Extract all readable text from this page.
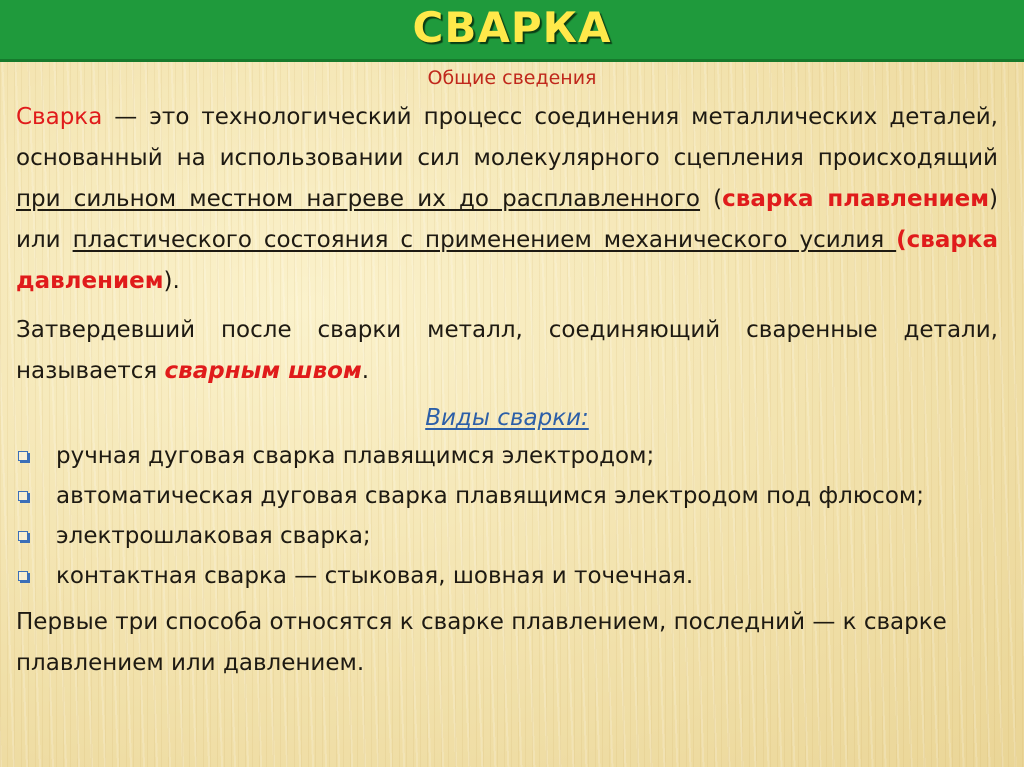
СВАРКА
Общие сведения

Сварка — это технологический процесс соединения металлических деталей, основанный на использовании сил молекулярного сцепления происходящий при сильном местном нагреве их до расплавленного (сварка плавлением) или пластического состояния с применением механического усилия (сварка давлением).

Затвердевший после сварки металл, соединяющий сваренные детали, называется сварным швом.

Виды сварки:
ручная дуговая сварка плавящимся электродом;
автоматическая дуговая сварка плавящимся электродом под флюсом;
электрошлаковая сварка;
контактная сварка — стыковая, шовная и точечная.

Первые три способа относятся к сварке плавлением, последний — к сварке плавлением или давлением.
